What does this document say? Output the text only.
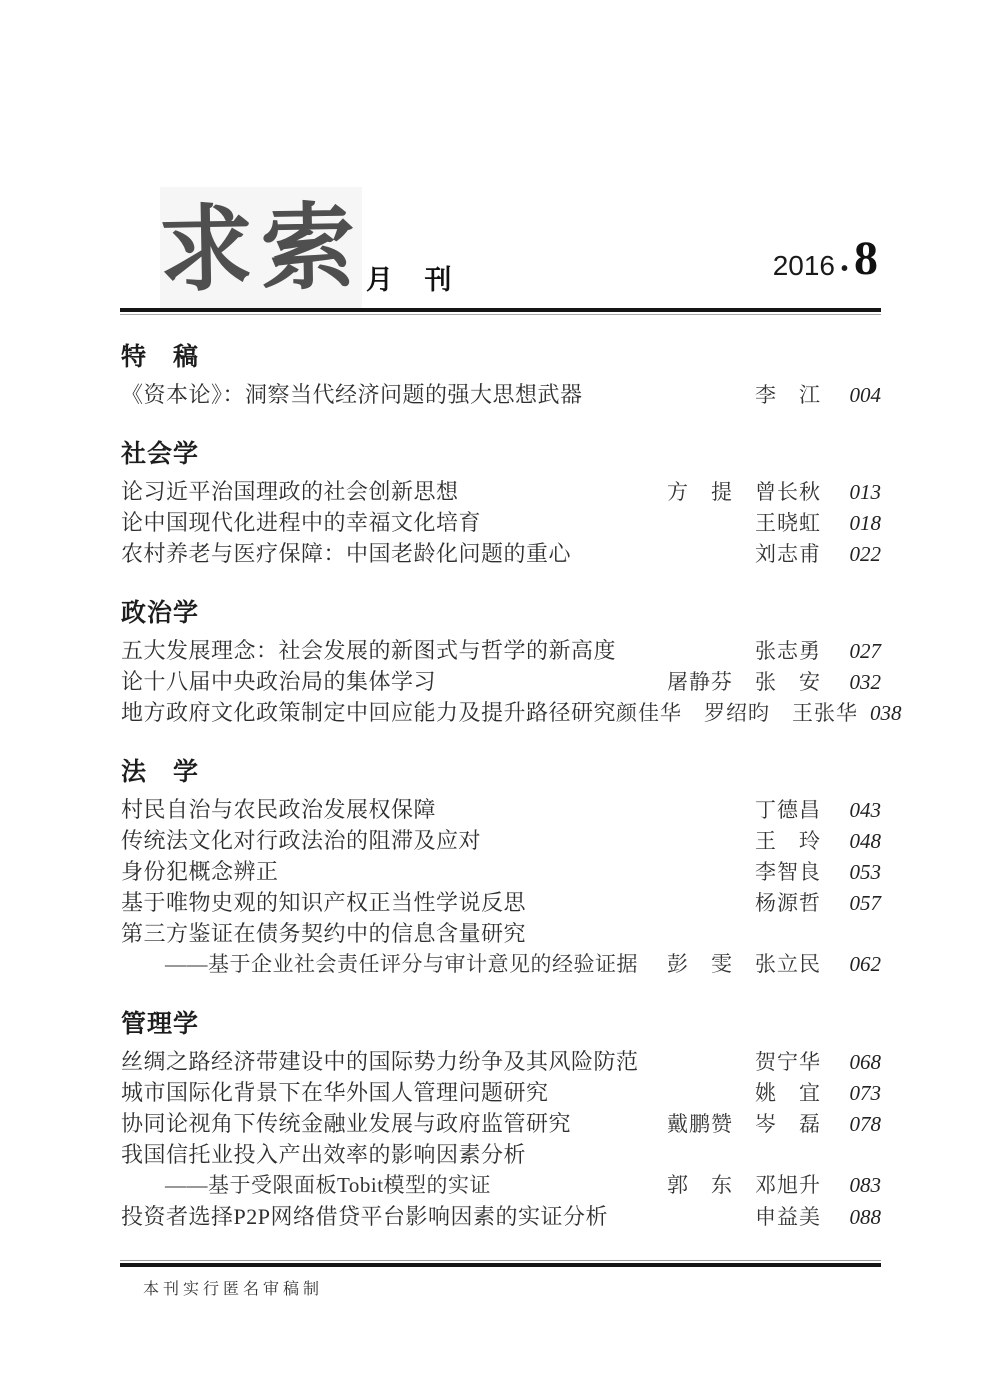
求索 月 刊	2016 • 8
特　稿
《资本论》：洞察当代经济问题的强大思想武器	李　江	004
社会学
论习近平治国理政的社会创新思想	方　提　曾长秋	013
论中国现代化进程中的幸福文化培育	王晓虹	018
农村养老与医疗保障：中国老龄化问题的重心	刘志甫	022
政治学
五大发展理念：社会发展的新图式与哲学的新高度	张志勇	027
论十八届中央政治局的集体学习	屠静芬　张　安	032
地方政府文化政策制定中回应能力及提升路径研究 颜佳华　罗绍昀　王张华 038
法　学
村民自治与农民政治发展权保障	丁德昌	043
传统法文化对行政法治的阻滞及应对	王　玲	048
身份犯概念辨正	李智良	053
基于唯物史观的知识产权正当性学说反思	杨源哲	057
第三方鉴证在债务契约中的信息含量研究
——基于企业社会责任评分与审计意见的经验证据 彭　雯　张立民	062
管理学
丝绸之路经济带建设中的国际势力纷争及其风险防范	贺宁华	068
城市国际化背景下在华外国人管理问题研究	姚　宜	073
协同论视角下传统金融业发展与政府监管研究	戴鹏赞　岑　磊	078
我国信托业投入产出效率的影响因素分析
——基于受限面板Tobit模型的实证	郭　东　邓旭升	083
投资者选择P2P网络借贷平台影响因素的实证分析	申益美	088
本刊实行匿名审稿制
